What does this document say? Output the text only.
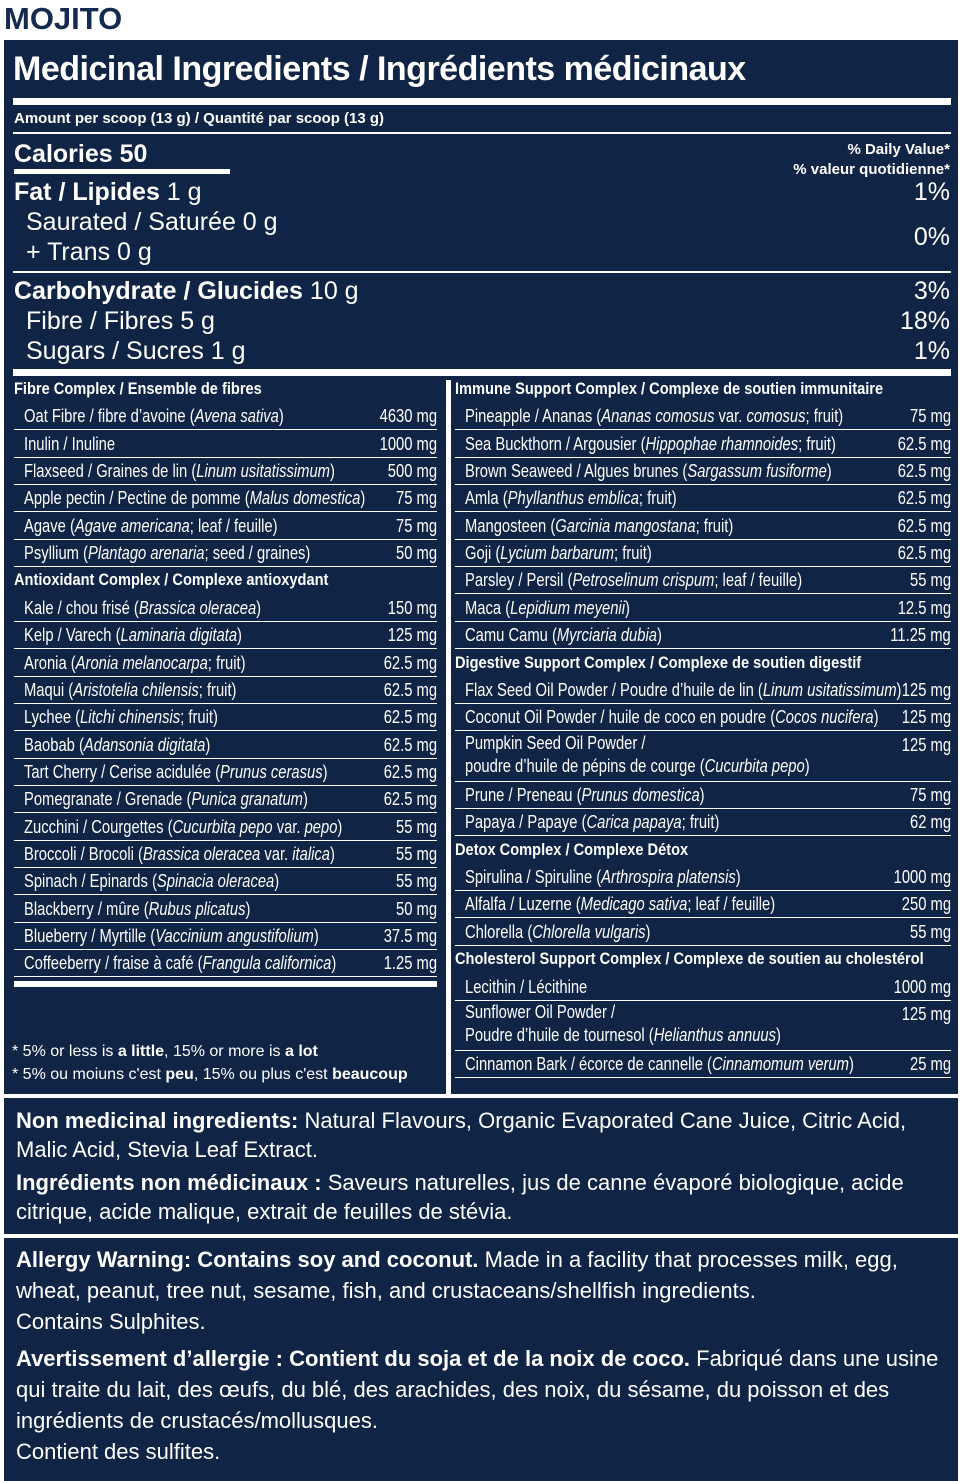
MOJITO
Medicinal Ingredients / Ingrédients médicinaux
Amount per scoop (13 g) / Quantité par scoop (13 g)
Calories 50	% Daily Value*
% valeur quotidienne*
Fat / Lipides 1 g	1%
Saurated / Saturée 0 g
+ Trans 0 g
0%
Carbohydrate / Glucides 10 g	3%
Fibre / Fibres 5 g	18%
Sugars / Sucres 1 g	1%
Fibre Complex / Ensemble de fibres
Oat Fibre / fibre d’avoine (Avena sativa)	4630 mg
Inulin / Inuline	1000 mg
Flaxseed / Graines de lin (Linum usitatissimum)	500 mg
Apple pectin / Pectine de pomme (Malus domestica) 75 mg
Agave (Agave americana; leaf / feuille)	75 mg
Psyllium (Plantago arenaria; seed / graines)	50 mg
Antioxidant Complex / Complexe antioxydant
Kale / chou frisé (Brassica oleracea)	150 mg
Kelp / Varech (Laminaria digitata)	125 mg
Aronia (Aronia melanocarpa; fruit)	62.5 mg
Maqui (Aristotelia chilensis; fruit)	62.5 mg
Lychee (Litchi chinensis; fruit)	62.5 mg
Baobab (Adansonia digitata)	62.5 mg
Tart Cherry / Cerise acidulée (Prunus cerasus)	62.5 mg
Pomegranate / Grenade (Punica granatum)	62.5 mg
Zucchini / Courgettes (Cucurbita pepo var. pepo)	55 mg
Broccoli / Brocoli (Brassica oleracea var. italica)	55 mg
Spinach / Epinards (Spinacia oleracea)	55 mg
Blackberry / mûre (Rubus plicatus)	50 mg
Blueberry / Myrtille (Vaccinium angustifolium)	37.5 mg
Coffeeberry / fraise à café (Frangula californica)	1.25 mg
Immune Support Complex / Complexe de soutien immunitaire
Pineapple / Ananas (Ananas comosus var. comosus; fruit)	75 mg
Sea Buckthorn / Argousier (Hippophae rhamnoides; fruit)	62.5 mg
Brown Seaweed / Algues brunes (Sargassum fusiforme)	62.5 mg
Amla (Phyllanthus emblica; fruit)	62.5 mg
Mangosteen (Garcinia mangostana; fruit)	62.5 mg
Goji (Lycium barbarum; fruit)	62.5 mg
Parsley / Persil (Petroselinum crispum; leaf / feuille)	55 mg
Maca (Lepidium meyenii)	12.5 mg
Camu Camu (Myrciaria dubia)	11.25 mg
Digestive Support Complex / Complexe de soutien digestif
Flax Seed Oil Powder / Poudre d’huile de lin (Linum usitatissimum) 125 mg
Coconut Oil Powder / huile de coco en poudre (Cocos nucifera) 125 mg
Pumpkin Seed Oil Powder /
poudre d’huile de pépins de courge (Cucurbita pepo)
125 mg
Prune / Preneau (Prunus domestica)	75 mg
Papaya / Papaye (Carica papaya; fruit)	62 mg
Detox Complex / Complexe Détox
Spirulina / Spiruline (Arthrospira platensis)	1000 mg
Alfalfa / Luzerne (Medicago sativa; leaf / feuille)	250 mg
Chlorella (Chlorella vulgaris)	55 mg
Cholesterol Support Complex / Complexe de soutien au cholestérol
Lecithin / Lécithine	1000 mg
Sunflower Oil Powder /
Poudre d’huile de tournesol (Helianthus annuus)
125 mg
Cinnamon Bark / écorce de cannelle (Cinnamomum verum)	25 mg
* 5% or less is a little, 15% or more is a lot
* 5% ou moiuns c'est peu, 15% ou plus c'est beaucoup
Non medicinal ingredients: Natural Flavours, Organic Evaporated Cane Juice, Citric Acid, Malic Acid, Stevia Leaf Extract.
Ingrédients non médicinaux : Saveurs naturelles, jus de canne évaporé biologique, acide citrique, acide malique, extrait de feuilles de stévia.
Allergy Warning: Contains soy and coconut. Made in a facility that processes milk, egg, wheat, peanut, tree nut, sesame, fish, and crustaceans/shellfish ingredients.
Contains Sulphites.
Avertissement d’allergie : Contient du soja et de la noix de coco. Fabriqué dans une usine qui traite du lait, des œufs, du blé, des arachides, des noix, du sésame, du poisson et des ingrédients de crustacés/mollusques.
Contient des sulfites.
